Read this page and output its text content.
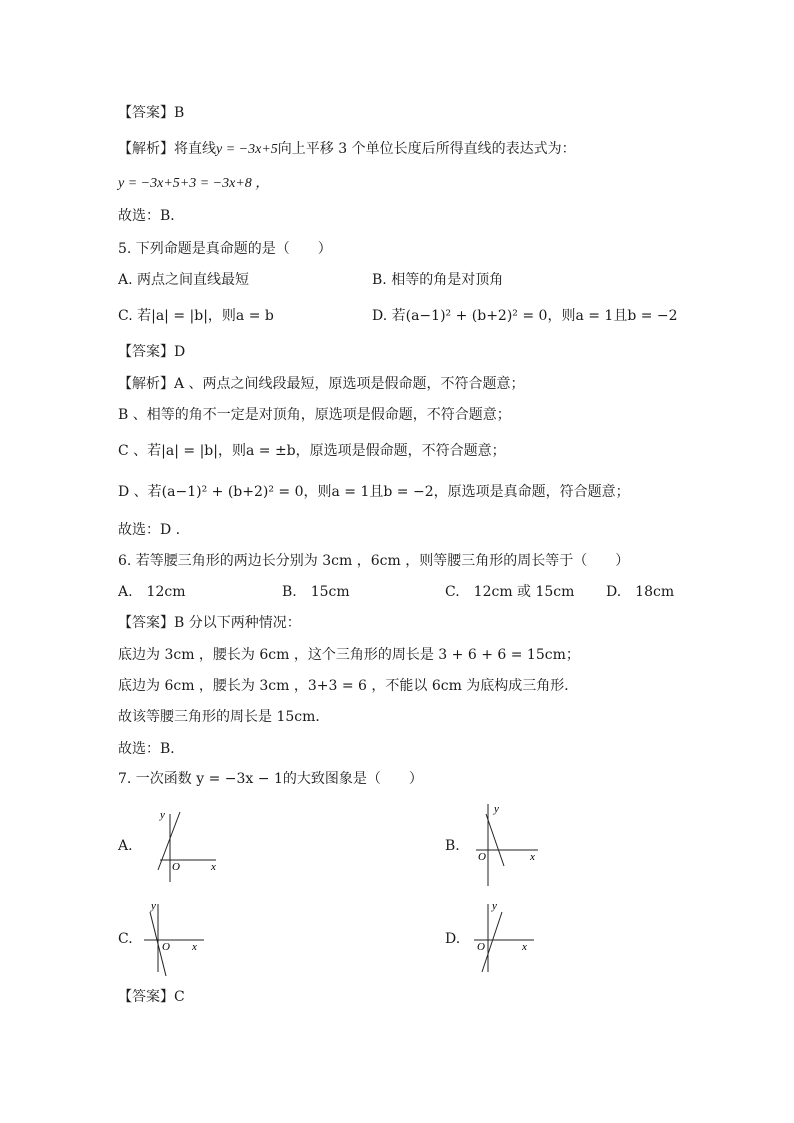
【答案】B
【解析】将直线y = −3x+5向上平移 3 个单位长度后所得直线的表达式为：
y = −3x+5+3 = −3x+8 ，
故选：B．
5. 下列命题是真命题的是（　　）
A. 两点之间直线最短	B. 相等的角是对顶角
C. 若|a| = |b|，则a = b	D. 若(a−1)² + (b+2)² = 0，则a = 1且b = −2
【答案】D
【解析】A 、两点之间线段最短，原选项是假命题，不符合题意；
B 、相等的角不一定是对顶角，原选项是假命题，不符合题意；
C 、若|a| = |b|，则a = ±b，原选项是假命题，不符合题意；
D 、若(a−1)² + (b+2)² = 0，则a = 1且b = −2，原选项是真命题，符合题意；
故选：D .
6. 若等腰三角形的两边长分别为 3cm ，6cm ，则等腰三角形的周长等于（　　）
A.　12cm	B.　15cm	C.　12cm 或 15cm D.　18cm
【答案】B 分以下两种情况：
底边为 3cm ，腰长为 6cm ，这个三角形的周长是 3 + 6 + 6 = 15cm；
底边为 6cm ，腰长为 3cm ，3+3 = 6 ，不能以 6cm 为底构成三角形．
故该等腰三角形的周长是 15cm．
故选：B．
7. 一次函数 y = −3x − 1的大致图象是（　　）
A.
y
x
O
B.
y
x
O
C.
y
x
O	D.
y
x
O
【答案】C
